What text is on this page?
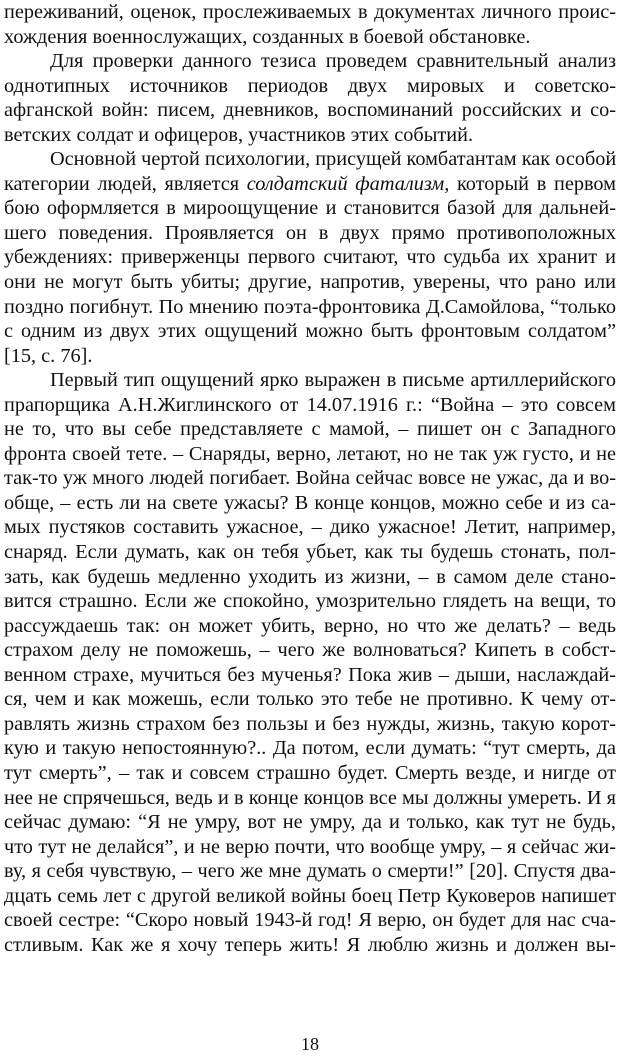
переживаний, оценок, прослеживаемых в документах личного проис-
хождения военнослужащих, созданных в боевой обстановке.
Для проверки данного тезиса проведем сравнительный анализ
однотипных источников периодов двух мировых и советско-
афганской войн: писем, дневников, воспоминаний российских и со-
ветских солдат и офицеров, участников этих событий.
Основной чертой психологии, присущей комбатантам как особой
категории людей, является солдатский фатализм, который в первом
бою оформляется в мироощущение и становится базой для дальней-
шего поведения. Проявляется он в двух прямо противоположных
убеждениях: приверженцы первого считают, что судьба их хранит и
они не могут быть убиты; другие, напротив, уверены, что рано или
поздно погибнут. По мнению поэта-фронтовика Д.Самойлова, “только
с одним из двух этих ощущений можно быть фронтовым солдатом”
[15, с. 76].
Первый тип ощущений ярко выражен в письме артиллерийского
прапорщика А.Н.Жиглинского от 14.07.1916 г.: “Война – это совсем
не то, что вы себе представляете с мамой, – пишет он с Западного
фронта своей тете. – Снаряды, верно, летают, но не так уж густо, и не
так-то уж много людей погибает. Война сейчас вовсе не ужас, да и во-
обще, – есть ли на свете ужасы? В конце концов, можно себе и из са-
мых пустяков составить ужасное, – дико ужасное! Летит, например,
снаряд. Если думать, как он тебя убьет, как ты будешь стонать, пол-
зать, как будешь медленно уходить из жизни, – в самом деле стано-
вится страшно. Если же спокойно, умозрительно глядеть на вещи, то
рассуждаешь так: он может убить, верно, но что же делать? – ведь
страхом делу не поможешь, – чего же волноваться? Кипеть в собст-
венном страхе, мучиться без мученья? Пока жив – дыши, наслаждай-
ся, чем и как можешь, если только это тебе не противно. К чему от-
равлять жизнь страхом без пользы и без нужды, жизнь, такую корот-
кую и такую непостоянную?.. Да потом, если думать: “тут смерть, да
тут смерть”, – так и совсем страшно будет. Смерть везде, и нигде от
нее не спрячешься, ведь и в конце концов все мы должны умереть. И я
сейчас думаю: “Я не умру, вот не умру, да и только, как тут не будь,
что тут не делайся”, и не верю почти, что вообще умру, – я сейчас жи-
ву, я себя чувствую, – чего же мне думать о смерти!” [20]. Спустя два-
дцать семь лет с другой великой войны боец Петр Куковеров напишет
своей сестре: “Скоро новый 1943-й год! Я верю, он будет для нас сча-
стливым. Как же я хочу теперь жить! Я люблю жизнь и должен вы-
18
